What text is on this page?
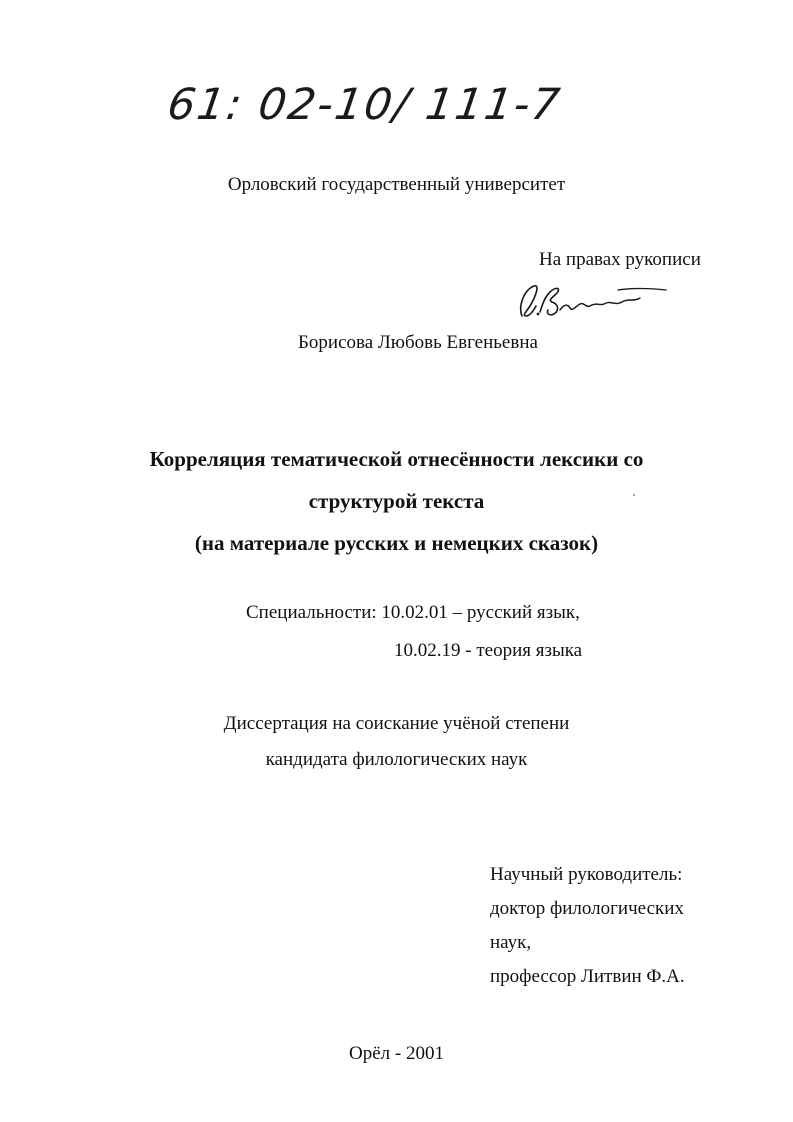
61: 02-10/ 111-7
Орловский государственный университет
На правах рукописи
Борисова Любовь Евгеньевна
Корреляция тематической отнесённости лексики со
структурой текста
(на материале русских и немецких сказок)
Специальности: 10.02.01 – русский язык,
10.02.19 - теория языка
Диссертация на соискание учёной степени
кандидата филологических наук
Научный руководитель:
доктор филологических
наук,
профессор Литвин Ф.А.
Орёл - 2001
